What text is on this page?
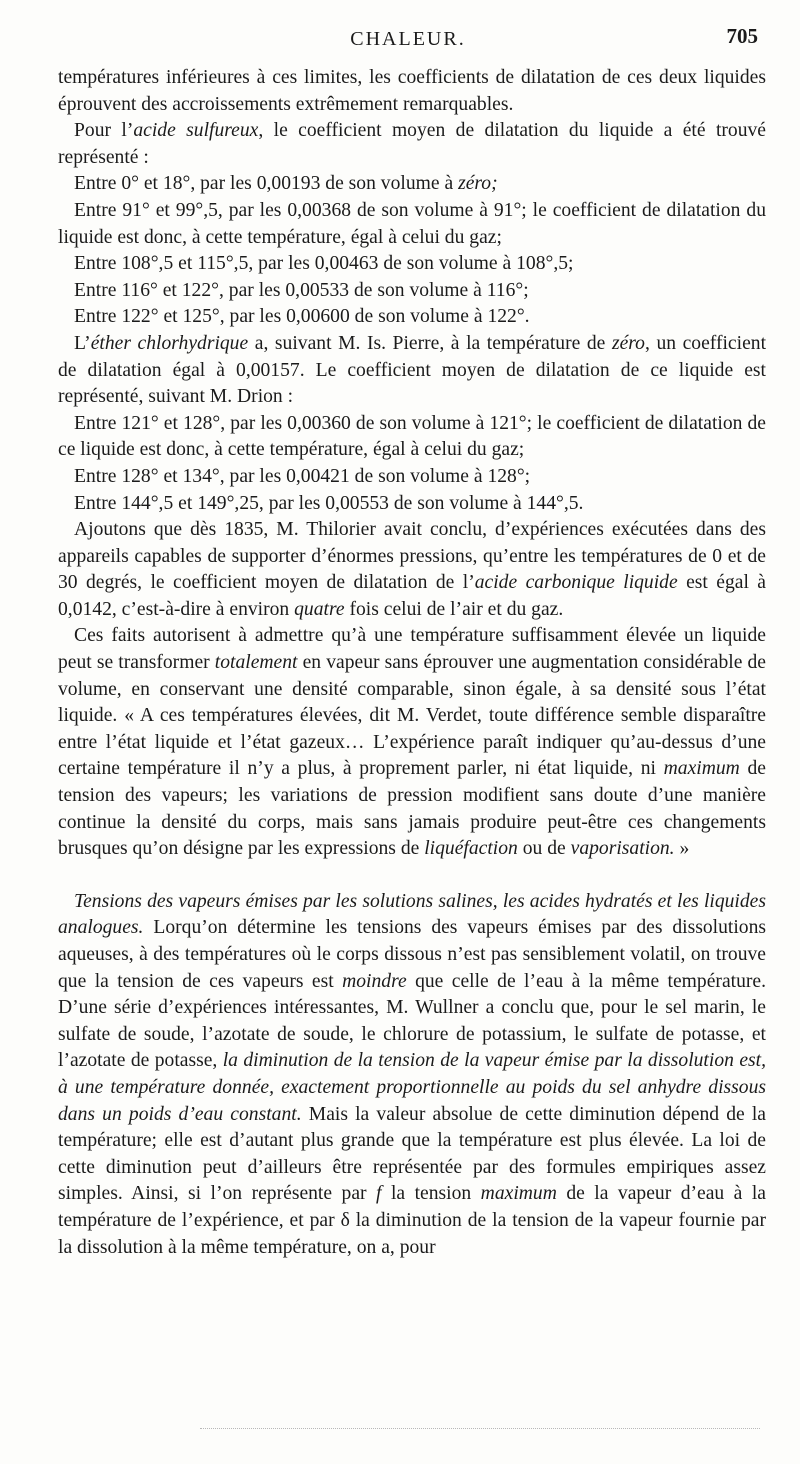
CHALEUR.	705

températures inférieures à ces limites, les coefficients de dilatation de ces deux liquides éprouvent des accroissements extrêmement remarquables.

Pour l’acide sulfureux, le coefficient moyen de dilatation du liquide a été trouvé représenté :

Entre 0° et 18°, par les 0,00193 de son volume à zéro;

Entre 91° et 99°,5, par les 0,00368 de son volume à 91°; le coefficient de dilatation du liquide est donc, à cette température, égal à celui du gaz;

Entre 108°,5 et 115°,5, par les 0,00463 de son volume à 108°,5;

Entre 116° et 122°, par les 0,00533 de son volume à 116°;

Entre 122° et 125°, par les 0,00600 de son volume à 122°.

L’éther chlorhydrique a, suivant M. Is. Pierre, à la température de zéro, un coefficient de dilatation égal à 0,00157. Le coefficient moyen de dilatation de ce liquide est représenté, suivant M. Drion :

Entre 121° et 128°, par les 0,00360 de son volume à 121°; le coefficient de dilatation de ce liquide est donc, à cette température, égal à celui du gaz;

Entre 128° et 134°, par les 0,00421 de son volume à 128°;

Entre 144°,5 et 149°,25, par les 0,00553 de son volume à 144°,5.

Ajoutons que dès 1835, M. Thilorier avait conclu, d’expériences exécutées dans des appareils capables de supporter d’énormes pressions, qu’entre les températures de 0 et de 30 degrés, le coefficient moyen de dilatation de l’acide carbonique liquide est égal à 0,0142, c’est-à-dire à environ quatre fois celui de l’air et du gaz.

Ces faits autorisent à admettre qu’à une température suffisamment élevée un liquide peut se transformer totalement en vapeur sans éprouver une augmentation considérable de volume, en conservant une densité comparable, sinon égale, à sa densité sous l’état liquide. « A ces températures élevées, dit M. Verdet, toute différence semble disparaître entre l’état liquide et l’état gazeux… L’expérience paraît indiquer qu’au-dessus d’une certaine température il n’y a plus, à proprement parler, ni état liquide, ni maximum de tension des vapeurs; les variations de pression modifient sans doute d’une manière continue la densité du corps, mais sans jamais produire peut-être ces changements brusques qu’on désigne par les expressions de liquéfaction ou de vaporisation. »

Tensions des vapeurs émises par les solutions salines, les acides hydratés et les liquides analogues. Lorqu’on détermine les tensions des vapeurs émises par des dissolutions aqueuses, à des températures où le corps dissous n’est pas sensiblement volatil, on trouve que la tension de ces vapeurs est moindre que celle de l’eau à la même température. D’une série d’expériences intéressantes, M. Wullner a conclu que, pour le sel marin, le sulfate de soude, l’azotate de soude, le chlorure de potassium, le sulfate de potasse, et l’azotate de potasse, la diminution de la tension de la vapeur émise par la dissolution est, à une température donnée, exactement proportionnelle au poids du sel anhydre dissous dans un poids d’eau constant. Mais la valeur absolue de cette diminution dépend de la température; elle est d’autant plus grande que la température est plus élevée. La loi de cette diminution peut d’ailleurs être représentée par des formules empiriques assez simples. Ainsi, si l’on représente par f la tension maximum de la vapeur d’eau à la température de l’expérience, et par δ la diminution de la tension de la vapeur fournie par la dissolution à la même température, on a, pour
